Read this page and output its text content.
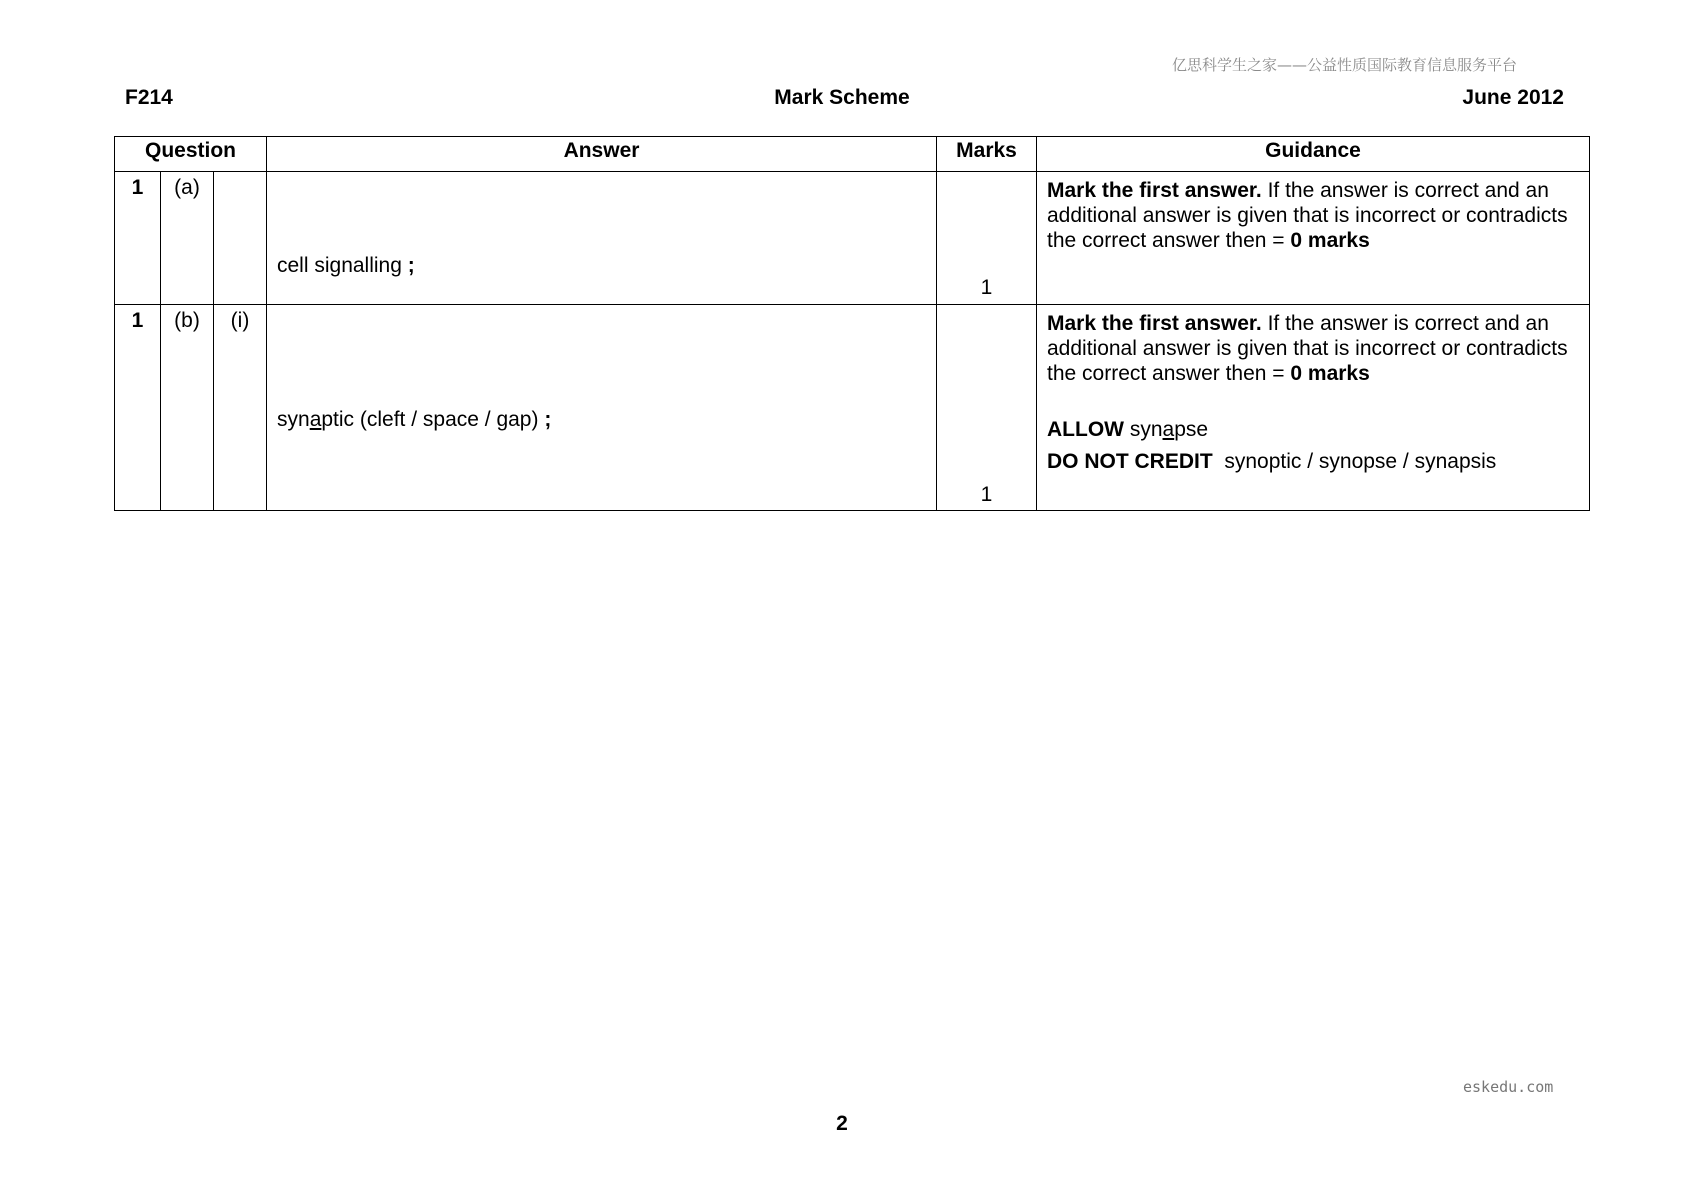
亿思科学生之家——公益性质国际教育信息服务平台
F214	Mark Scheme	June 2012
Question			Answer	Marks	Guidance
1	(a)		cell signalling ;	1	Mark the first answer. If the answer is correct and an additional answer is given that is incorrect or contradicts the correct answer then = 0 marks

1	(b)	(i)	synaptic (cleft / space / gap) ;	1	Mark the first answer. If the answer is correct and an additional answer is given that is incorrect or contradicts the correct answer then = 0 marks

ALLOW synapse

DO NOT CREDIT synoptic / synopse / synapsis

eskedu.com
2
